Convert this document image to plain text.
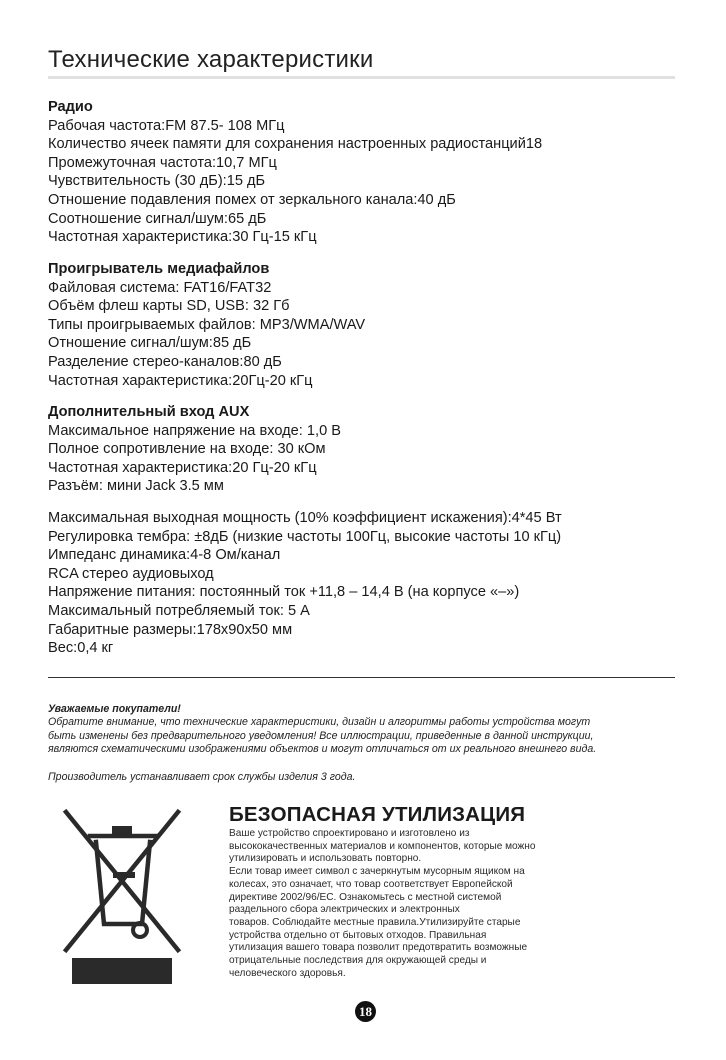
Технические характеристики
Радио
Рабочая частота:FM 87.5- 108 МГц
Количество ячеек памяти для сохранения настроенных радиостанций18
Промежуточная частота:10,7 МГц
Чувствительность (30 дБ):15 дБ
Отношение подавления помех от зеркального канала:40 дБ
Соотношение сигнал/шум:65 дБ
Частотная характеристика:30 Гц-15 кГц
Проигрыватель медиафайлов
Файловая система: FAT16/FAT32
Объём флеш карты SD, USB: 32 Гб
Типы проигрываемых файлов: MP3/WMA/WAV
Отношение сигнал/шум:85 дБ
Разделение стерео-каналов:80 дБ
Частотная характеристика:20Гц-20 кГц
Дополнительный вход AUX
Максимальное напряжение на входе: 1,0 В
Полное сопротивление на входе: 30 кОм
Частотная характеристика:20 Гц-20 кГц
Разъём: мини Jack 3.5 мм
Максимальная выходная мощность (10% коэффициент искажения):4*45 Вт
Регулировка тембра: ±8дБ (низкие частоты 100Гц, высокие частоты 10 кГц)
Импеданс динамика:4-8 Ом/канал
RCA стерео аудиовыход
Напряжение питания: постоянный ток +11,8 – 14,4 В (на корпусе «–»)
Максимальный потребляемый ток: 5 А
Габаритные размеры:178x90x50 мм
Вес:0,4 кг
Уважаемые покупатели!
Обратите внимание, что технические характеристики, дизайн и алгоритмы работы устройства могут
быть изменены без предварительного уведомления! Все иллюстрации, приведенные в данной инструкции,
являются схематическими изображениями объектов и могут отличаться от их реального внешнего вида.
Производитель устанавливает срок службы изделия 3 года.
БЕЗОПАСНАЯ УТИЛИЗАЦИЯ
Ваше устройство спроектировано и изготовлено из
высококачественных материалов и компонентов, которые можно
утилизировать и использовать повторно.
Если товар имеет символ с зачеркнутым мусорным ящиком на
колесах, это означает, что товар соответствует Европейской
директиве 2002/96/EC. Ознакомьтесь с местной системой
раздельного сбора электрических и электронных
товаров. Соблюдайте местные правила.Утилизируйте старые
устройства отдельно от бытовых отходов. Правильная
утилизация вашего товара позволит предотвратить возможные
отрицательные последствия для окружающей среды и
человеческого здоровья.
18
